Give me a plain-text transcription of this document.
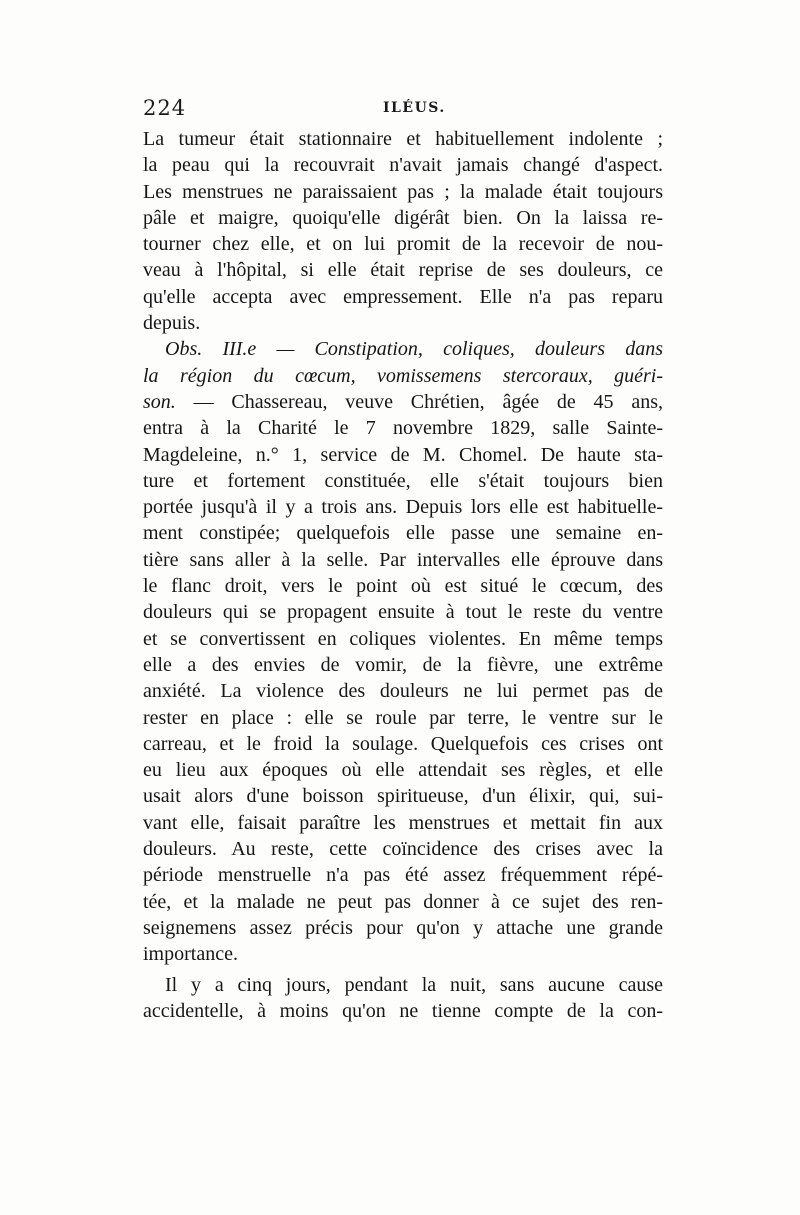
224	ILÉUS.
La tumeur était stationnaire et habituellement indolente ;
la peau qui la recouvrait n'avait jamais changé d'aspect.
Les menstrues ne paraissaient pas ; la malade était toujours
pâle et maigre, quoiqu'elle digérât bien. On la laissa re-
tourner chez elle, et on lui promit de la recevoir de nou-
veau à l'hôpital, si elle était reprise de ses douleurs, ce
qu'elle accepta avec empressement. Elle n'a pas reparu
depuis.
Obs. III.e — Constipation, coliques, douleurs dans
la région du cœcum, vomissemens stercoraux, guéri-
son. — Chassereau, veuve Chrétien, âgée de 45 ans,
entra à la Charité le 7 novembre 1829, salle Sainte-
Magdeleine, n.° 1, service de M. Chomel. De haute sta-
ture et fortement constituée, elle s'était toujours bien
portée jusqu'à il y a trois ans. Depuis lors elle est habituelle-
ment constipée; quelquefois elle passe une semaine en-
tière sans aller à la selle. Par intervalles elle éprouve dans
le flanc droit, vers le point où est situé le cœcum, des
douleurs qui se propagent ensuite à tout le reste du ventre
et se convertissent en coliques violentes. En même temps
elle a des envies de vomir, de la fièvre, une extrême
anxiété. La violence des douleurs ne lui permet pas de
rester en place : elle se roule par terre, le ventre sur le
carreau, et le froid la soulage. Quelquefois ces crises ont
eu lieu aux époques où elle attendait ses règles, et elle
usait alors d'une boisson spiritueuse, d'un élixir, qui, sui-
vant elle, faisait paraître les menstrues et mettait fin aux
douleurs. Au reste, cette coïncidence des crises avec la
période menstruelle n'a pas été assez fréquemment répé-
tée, et la malade ne peut pas donner à ce sujet des ren-
seignemens assez précis pour qu'on y attache une grande
importance.
Il y a cinq jours, pendant la nuit, sans aucune cause
accidentelle, à moins qu'on ne tienne compte de la con-
